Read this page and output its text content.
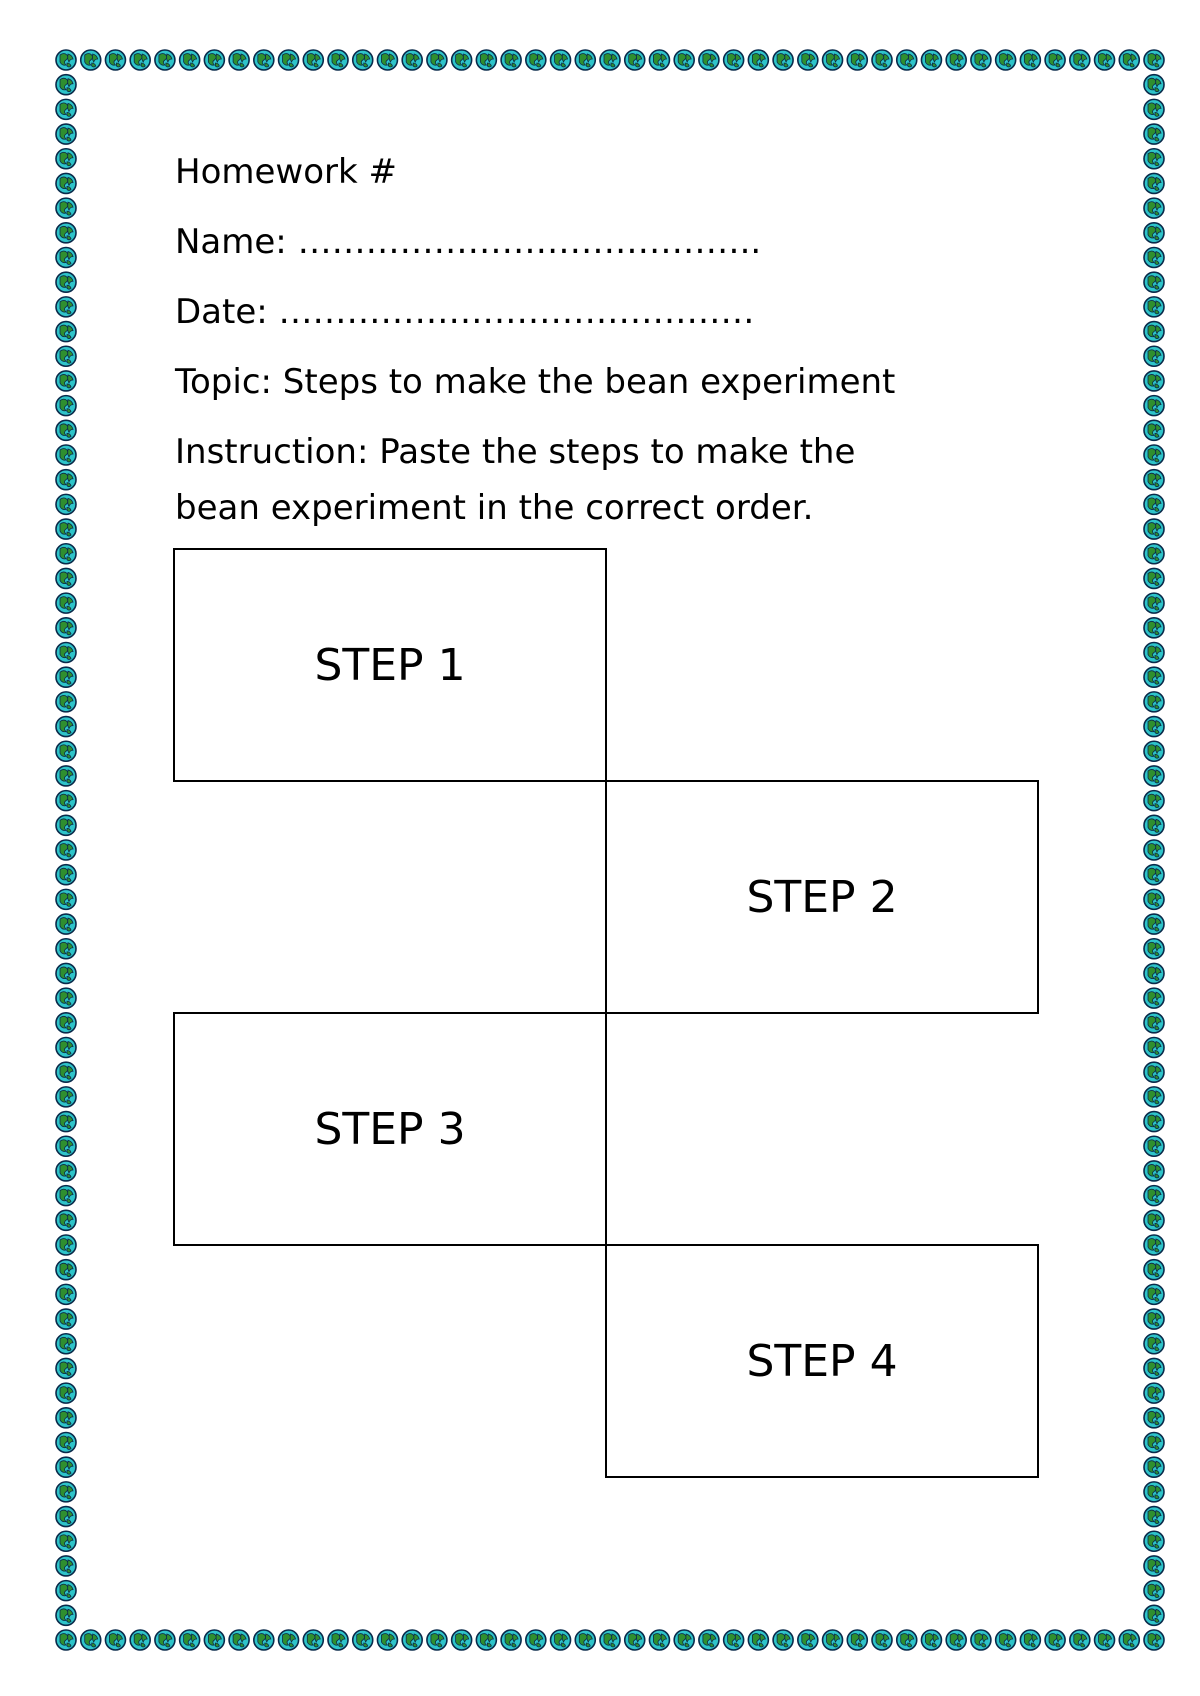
Homework #
Name: …………………………………..
Date: ……………………………………
Topic: Steps to make the bean experiment
Instruction: Paste the steps to make the bean experiment in the correct order.
STEP 1
STEP 2
STEP 3
STEP 4
